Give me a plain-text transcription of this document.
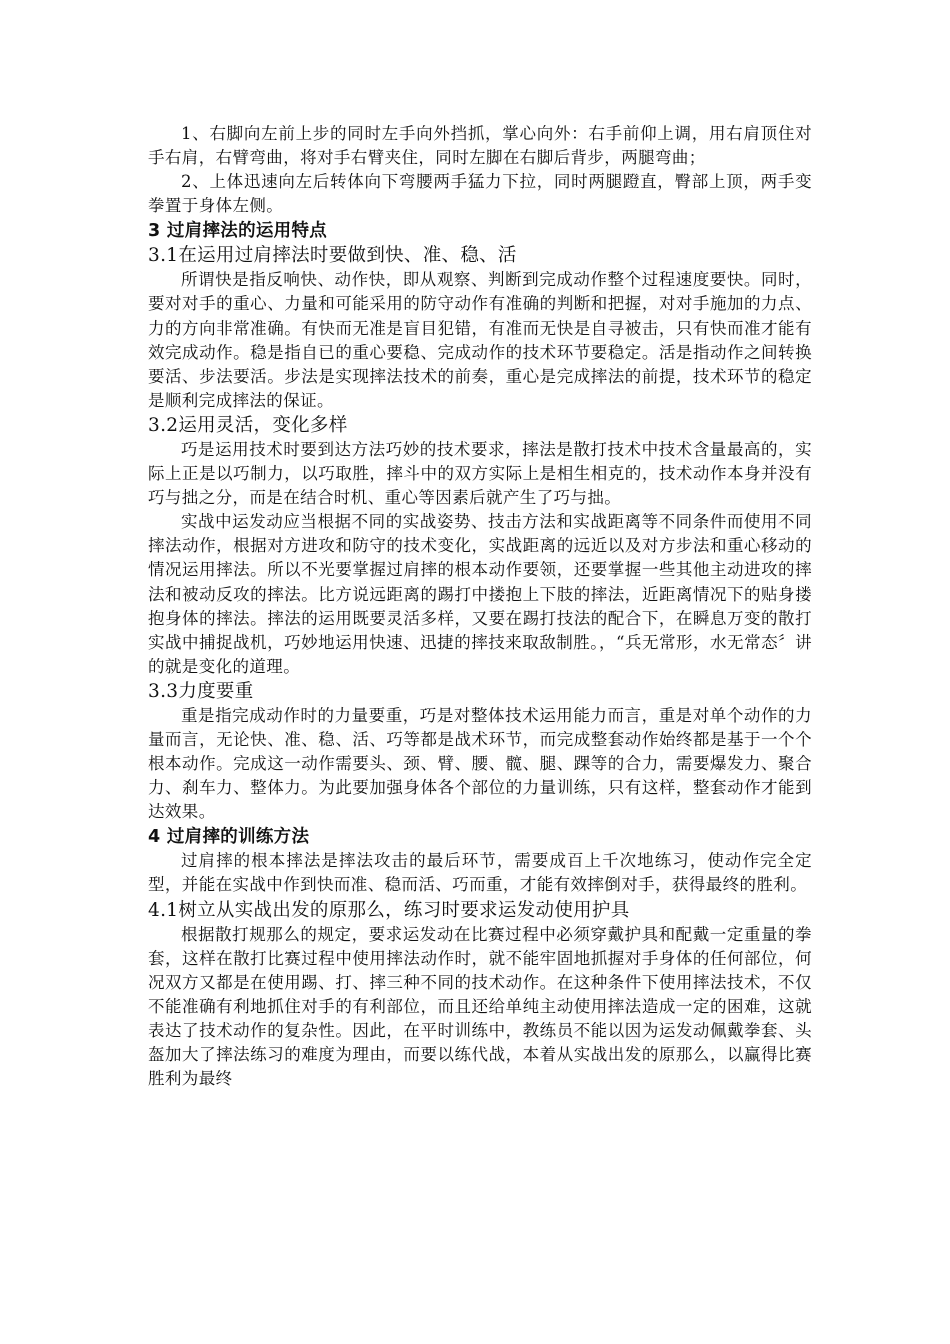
1、右脚向左前上步的同时左手向外挡抓，掌心向外：右手前仰上调，用右肩顶住对手右肩，右臂弯曲，将对手右臂夹住，同时左脚在右脚后背步，两腿弯曲；

2、上体迅速向左后转体向下弯腰两手猛力下拉，同时两腿蹬直，臀部上顶，两手变拳置于身体左侧。

3 过肩摔法的运用特点
3.1在运用过肩摔法时要做到快、准、稳、活

所谓快是指反响快、动作快，即从观察、判断到完成动作整个过程速度要快。同时，要对对手的重心、力量和可能采用的防守动作有准确的判断和把握，对对手施加的力点、力的方向非常准确。有快而无准是盲目犯错，有准而无快是自寻被击，只有快而准才能有效完成动作。稳是指自已的重心要稳、完成动作的技术环节要稳定。活是指动作之间转换要活、步法要活。步法是实现摔法技术的前奏，重心是完成摔法的前提，技术环节的稳定是顺利完成摔法的保证。

3.2运用灵活，变化多样

巧是运用技术时要到达方法巧妙的技术要求，摔法是散打技术中技术含量最高的，实际上正是以巧制力，以巧取胜，摔斗中的双方实际上是相生相克的，技术动作本身并没有巧与拙之分，而是在结合时机、重心等因素后就产生了巧与拙。

实战中运发动应当根据不同的实战姿势、技击方法和实战距离等不同条件而使用不同摔法动作，根据对方进攻和防守的技术变化，实战距离的远近以及对方步法和重心移动的情况运用摔法。所以不光要掌握过肩摔的根本动作要领，还要掌握一些其他主动进攻的摔法和被动反攻的摔法。比方说远距离的踢打中搂抱上下肢的摔法，近距离情况下的贴身搂抱身体的摔法。摔法的运用既要灵活多样，又要在踢打技法的配合下，在瞬息万变的散打实战中捕捉战机，巧妙地运用快速、迅捷的摔技来取敌制胜。，“兵无常形，水无常态〞讲的就是变化的道理。

3.3力度要重

重是指完成动作时的力量要重，巧是对整体技术运用能力而言，重是对单个动作的力量而言，无论快、准、稳、活、巧等都是战术环节，而完成整套动作始终都是基于一个个根本动作。完成这一动作需要头、颈、臂、腰、髋、腿、踝等的合力，需要爆发力、聚合力、刹车力、整体力。为此要加强身体各个部位的力量训练，只有这样，整套动作才能到达效果。

4 过肩摔的训练方法

过肩摔的根本摔法是摔法攻击的最后环节，需要成百上千次地练习，使动作完全定型，并能在实战中作到快而准、稳而活、巧而重，才能有效摔倒对手，获得最终的胜利。

4.1树立从实战出发的原那么，练习时要求运发动使用护具

根据散打规那么的规定，要求运发动在比赛过程中必须穿戴护具和配戴一定重量的拳套，这样在散打比赛过程中使用摔法动作时，就不能牢固地抓握对手身体的任何部位，何况双方又都是在使用踢、打、摔三种不同的技术动作。在这种条件下使用摔法技术，不仅不能准确有利地抓住对手的有利部位，而且还给单纯主动使用摔法造成一定的困难，这就表达了技术动作的复杂性。因此，在平时训练中，教练员不能以因为运发动佩戴拳套、头盔加大了摔法练习的难度为理由，而要以练代战，本着从实战出发的原那么，以赢得比赛胜利为最终
